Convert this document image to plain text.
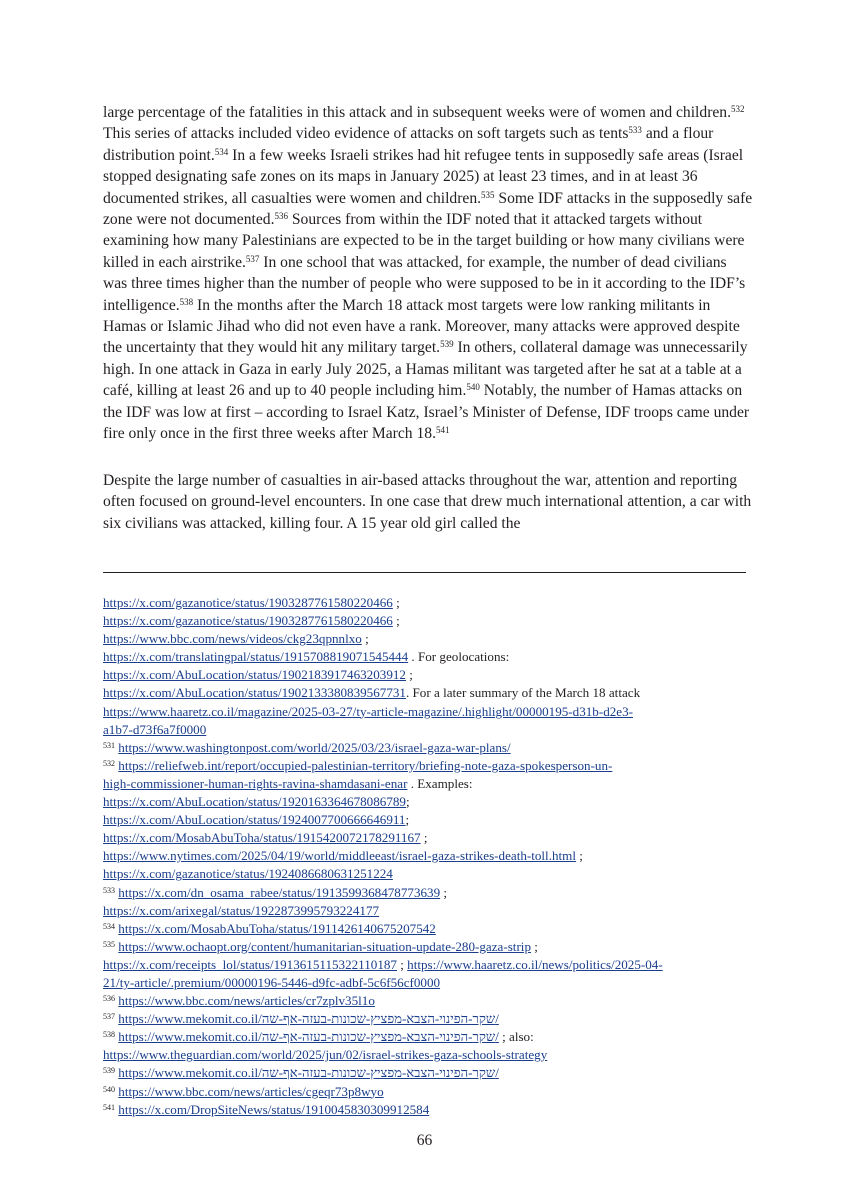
large percentage of the fatalities in this attack and in subsequent weeks were of women and children.$^{532}$ This series of attacks included video evidence of attacks on soft targets such as tents$^{533}$ and a flour distribution point.$^{534}$ In a few weeks Israeli strikes had hit refugee tents in supposedly safe areas (Israel stopped designating safe zones on its maps in January 2025) at least 23 times, and in at least 36 documented strikes, all casualties were women and children.$^{535}$ Some IDF attacks in the supposedly safe zone were not documented.$^{536}$ Sources from within the IDF noted that it attacked targets without examining how many Palestinians are expected to be in the target building or how many civilians were killed in each airstrike.$^{537}$ In one school that was attacked, for example, the number of dead civilians was three times higher than the number of people who were supposed to be in it according to the IDF’s intelligence.$^{538}$ In the months after the March 18 attack most targets were low ranking militants in Hamas or Islamic Jihad who did not even have a rank. Moreover, many attacks were approved despite the uncertainty that they would hit any military target.$^{539}$ In others, collateral damage was unnecessarily high. In one attack in Gaza in early July 2025, a Hamas militant was targeted after he sat at a table at a café, killing at least 26 and up to 40 people including him.$^{540}$ Notably, the number of Hamas attacks on the IDF was low at first – according to Israel Katz, Israel’s Minister of Defense, IDF troops came under fire only once in the first three weeks after March 18.$^{541}$
Despite the large number of casualties in air-based attacks throughout the war, attention and reporting often focused on ground-level encounters. In one case that drew much international attention, a car with six civilians was attacked, killing four. A 15 year old girl called the
https://x.com/gazanotice/status/1903287761580220466 ;
https://x.com/gazanotice/status/1903287761580220466 ;
https://www.bbc.com/news/videos/ckg23qpnnlxo ;
https://x.com/translatingpal/status/1915708819071545444 . For geolocations:
https://x.com/AbuLocation/status/1902183917463203912 ;
https://x.com/AbuLocation/status/1902133380839567731. For a later summary of the March 18 attack
https://www.haaretz.co.il/magazine/2025-03-27/ty-article-magazine/.highlight/00000195-d31b-d2e3-
a1b7-d73f6a7f0000
$^{531}$ https://www.washingtonpost.com/world/2025/03/23/israel-gaza-war-plans/
$^{532}$ https://reliefweb.int/report/occupied-palestinian-territory/briefing-note-gaza-spokesperson-un-
high-commissioner-human-rights-ravina-shamdasani-enar . Examples:
https://x.com/AbuLocation/status/1920163364678086789;
https://x.com/AbuLocation/status/1924007700666646911;
https://x.com/MosabAbuToha/status/1915420072178291167 ;
https://www.nytimes.com/2025/04/19/world/middleeast/israel-gaza-strikes-death-toll.html ;
https://x.com/gazanotice/status/1924086680631251224
$^{533}$ https://x.com/dn_osama_rabee/status/1913599368478773639 ;
https://x.com/arixegal/status/1922873995793224177
$^{534}$ https://x.com/MosabAbuToha/status/1911426140675207542
$^{535}$ https://www.ochaopt.org/content/humanitarian-situation-update-280-gaza-strip ;
https://x.com/receipts_lol/status/1913615115322110187 ; https://www.haaretz.co.il/news/politics/2025-04-
21/ty-article/.premium/00000196-5446-d9fc-adbf-5c6f56cf0000
$^{536}$ https://www.bbc.com/news/articles/cr7zplv35l1o
$^{537}$ https://www.mekomit.co.il/שקר-הפינוי-הצבא-מפציץ-שכונות-בעזה-אף-שה/
$^{538}$ https://www.mekomit.co.il/שקר-הפינוי-הצבא-מפציץ-שכונות-בעזה-אף-שה/ ; also:
https://www.theguardian.com/world/2025/jun/02/israel-strikes-gaza-schools-strategy
$^{539}$ https://www.mekomit.co.il/שקר-הפינוי-הצבא-מפציץ-שכונות-בעזה-אף-שה/
$^{540}$ https://www.bbc.com/news/articles/cgeqr73p8wyo
$^{541}$ https://x.com/DropSiteNews/status/1910045830309912584
66
